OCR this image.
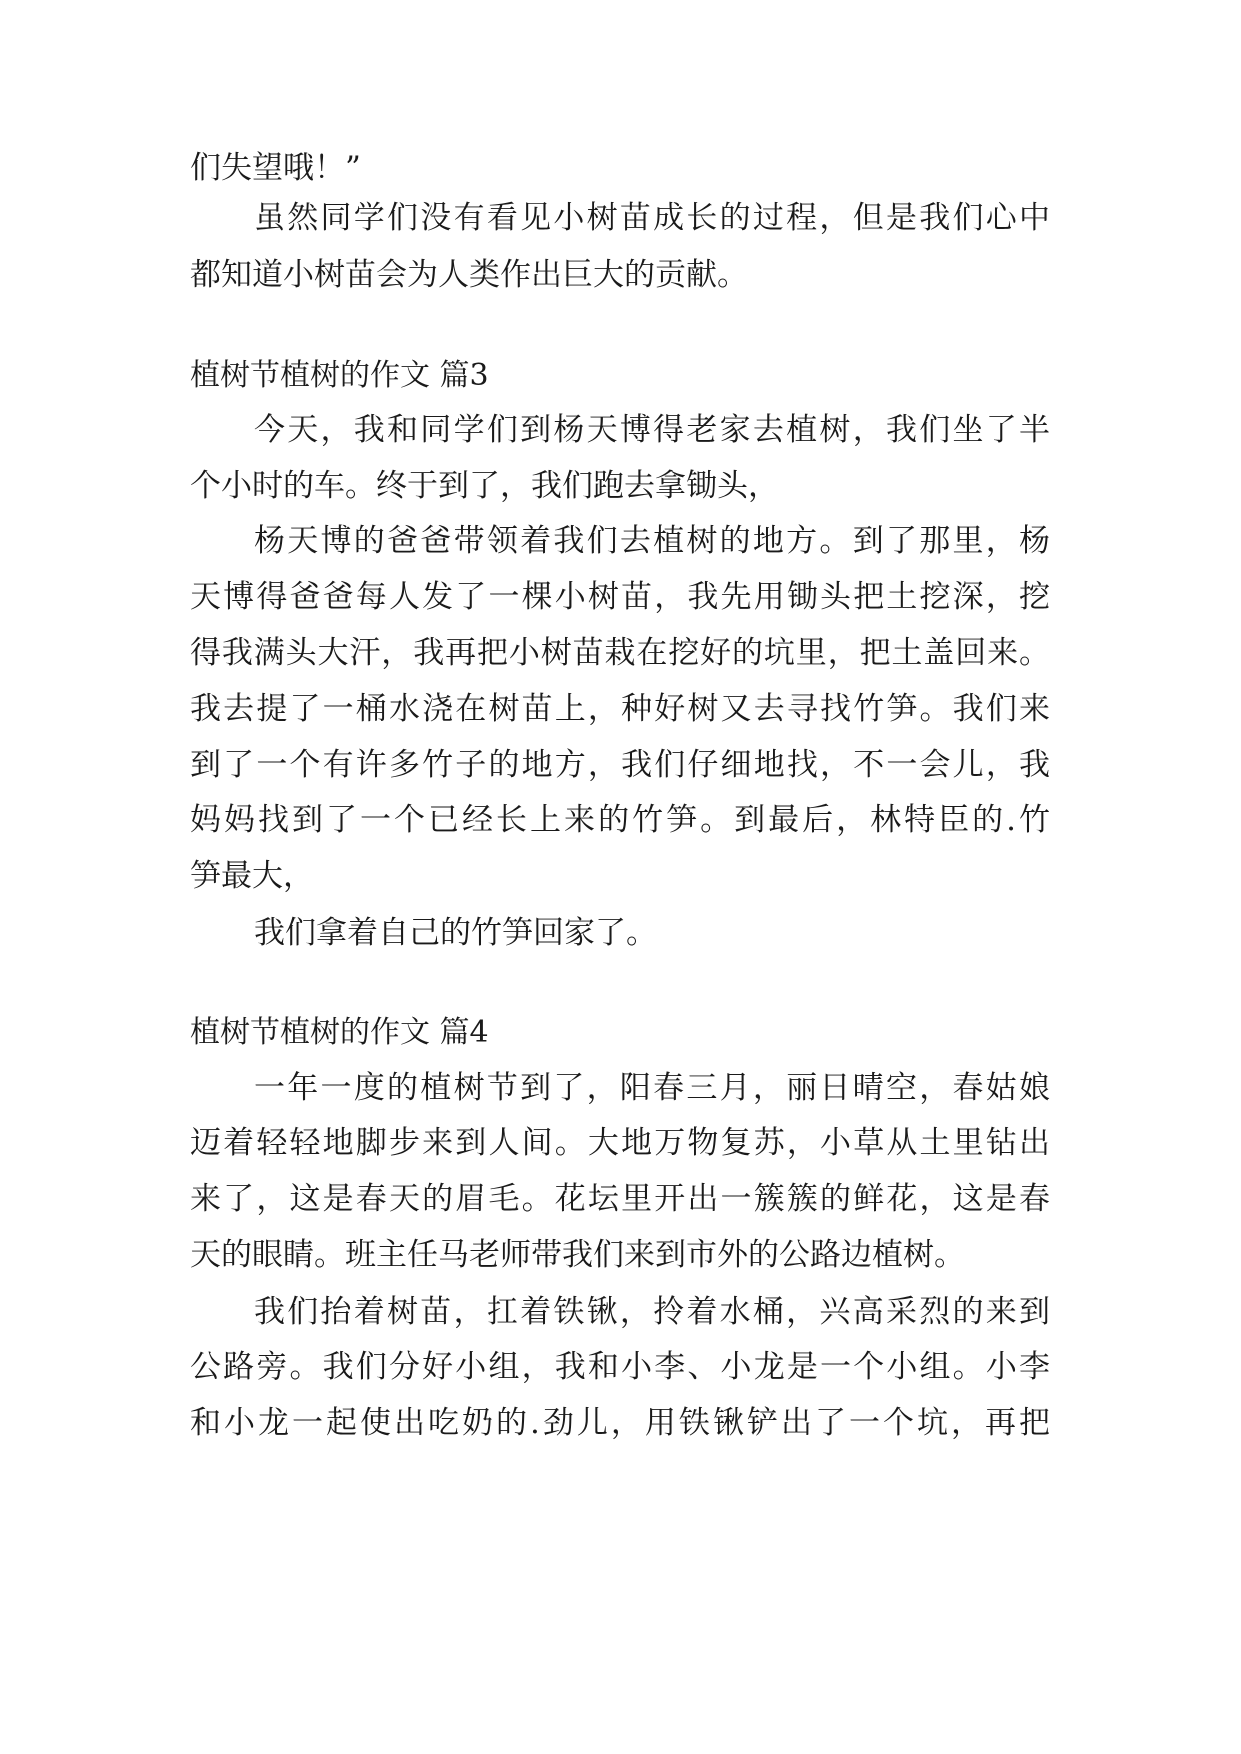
们失望哦！”

虽然同学们没有看见小树苗成长的过程，但是我们心中

都知道小树苗会为人类作出巨大的贡献。

植树节植树的作文 篇3

今天，我和同学们到杨天博得老家去植树，我们坐了半

个小时的车。终于到了，我们跑去拿锄头，

杨天博的爸爸带领着我们去植树的地方。到了那里，杨

天博得爸爸每人发了一棵小树苗，我先用锄头把土挖深，挖

得我满头大汗，我再把小树苗栽在挖好的坑里，把土盖回来。

我去提了一桶水浇在树苗上，种好树又去寻找竹笋。我们来

到了一个有许多竹子的地方，我们仔细地找，不一会儿，我

妈妈找到了一个已经长上来的竹笋。到最后，林特臣的.竹

笋最大，

我们拿着自己的竹笋回家了。

植树节植树的作文 篇4

一年一度的植树节到了，阳春三月，丽日晴空，春姑娘

迈着轻轻地脚步来到人间。大地万物复苏，小草从土里钻出

来了，这是春天的眉毛。花坛里开出一簇簇的鲜花，这是春

天的眼睛。班主任马老师带我们来到市外的公路边植树。

我们抬着树苗，扛着铁锹，拎着水桶，兴高采烈的来到

公路旁。我们分好小组，我和小李、小龙是一个小组。小李

和小龙一起使出吃奶的.劲儿，用铁锹铲出了一个坑，再把
